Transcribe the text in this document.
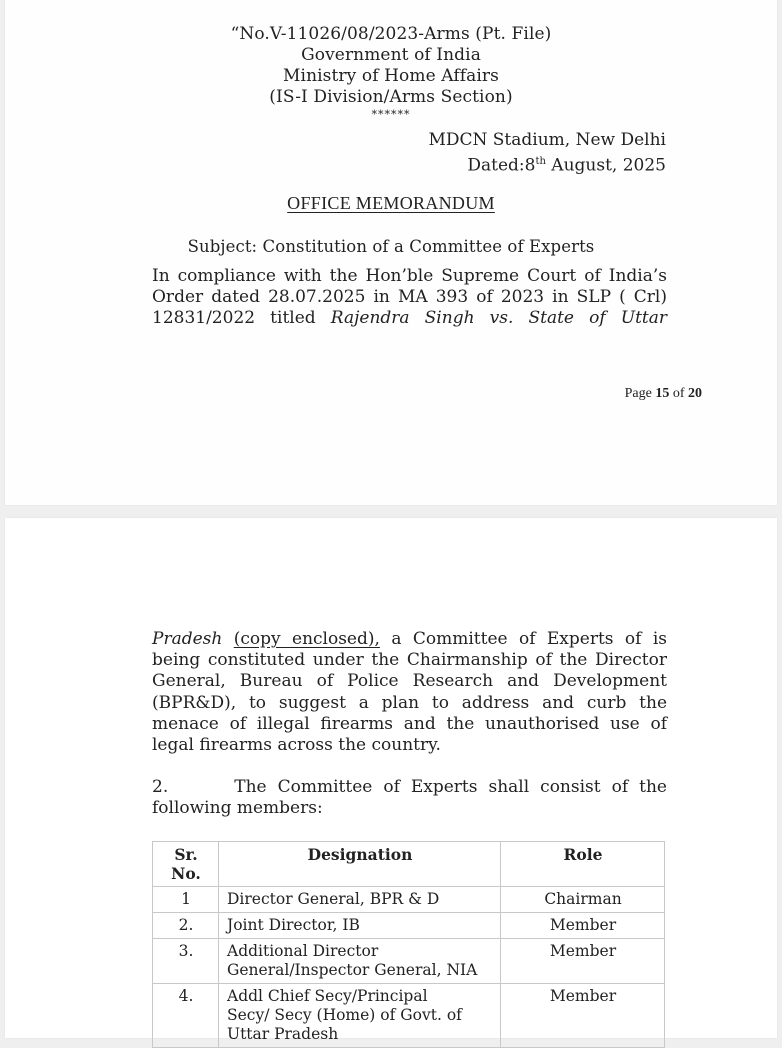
“No.V-11026/08/2023-Arms (Pt. File)
Government of India
Ministry of Home Affairs
(IS-I Division/Arms Section)
******
MDCN Stadium, New Delhi
Dated:8th August, 2025
OFFICE MEMORANDUM
Subject: Constitution of a Committee of Experts
In compliance with the Hon’ble Supreme Court of India’s
Order dated 28.07.2025 in MA 393 of 2023 in SLP ( Crl)
12831/2022 titled Rajendra Singh vs. State of Uttar
Page 15 of 20
Pradesh (copy enclosed), a Committee of Experts of is
being constituted under the Chairmanship of the Director
General, Bureau of Police Research and Development
(BPR&D), to suggest a plan to address and curb the
menace of illegal firearms and the unauthorised use of
legal firearms across the country.
2.      The Committee of Experts shall consist of the
following members:
Sr. No.	Designation	Role
1	Director General, BPR & D	Chairman
2.	Joint Director, IB	Member
3.	Additional Director
General/Inspector General, NIA	Member
4.	Addl Chief Secy/Principal
Secy/ Secy (Home) of Govt. of
Uttar Pradesh	Member
